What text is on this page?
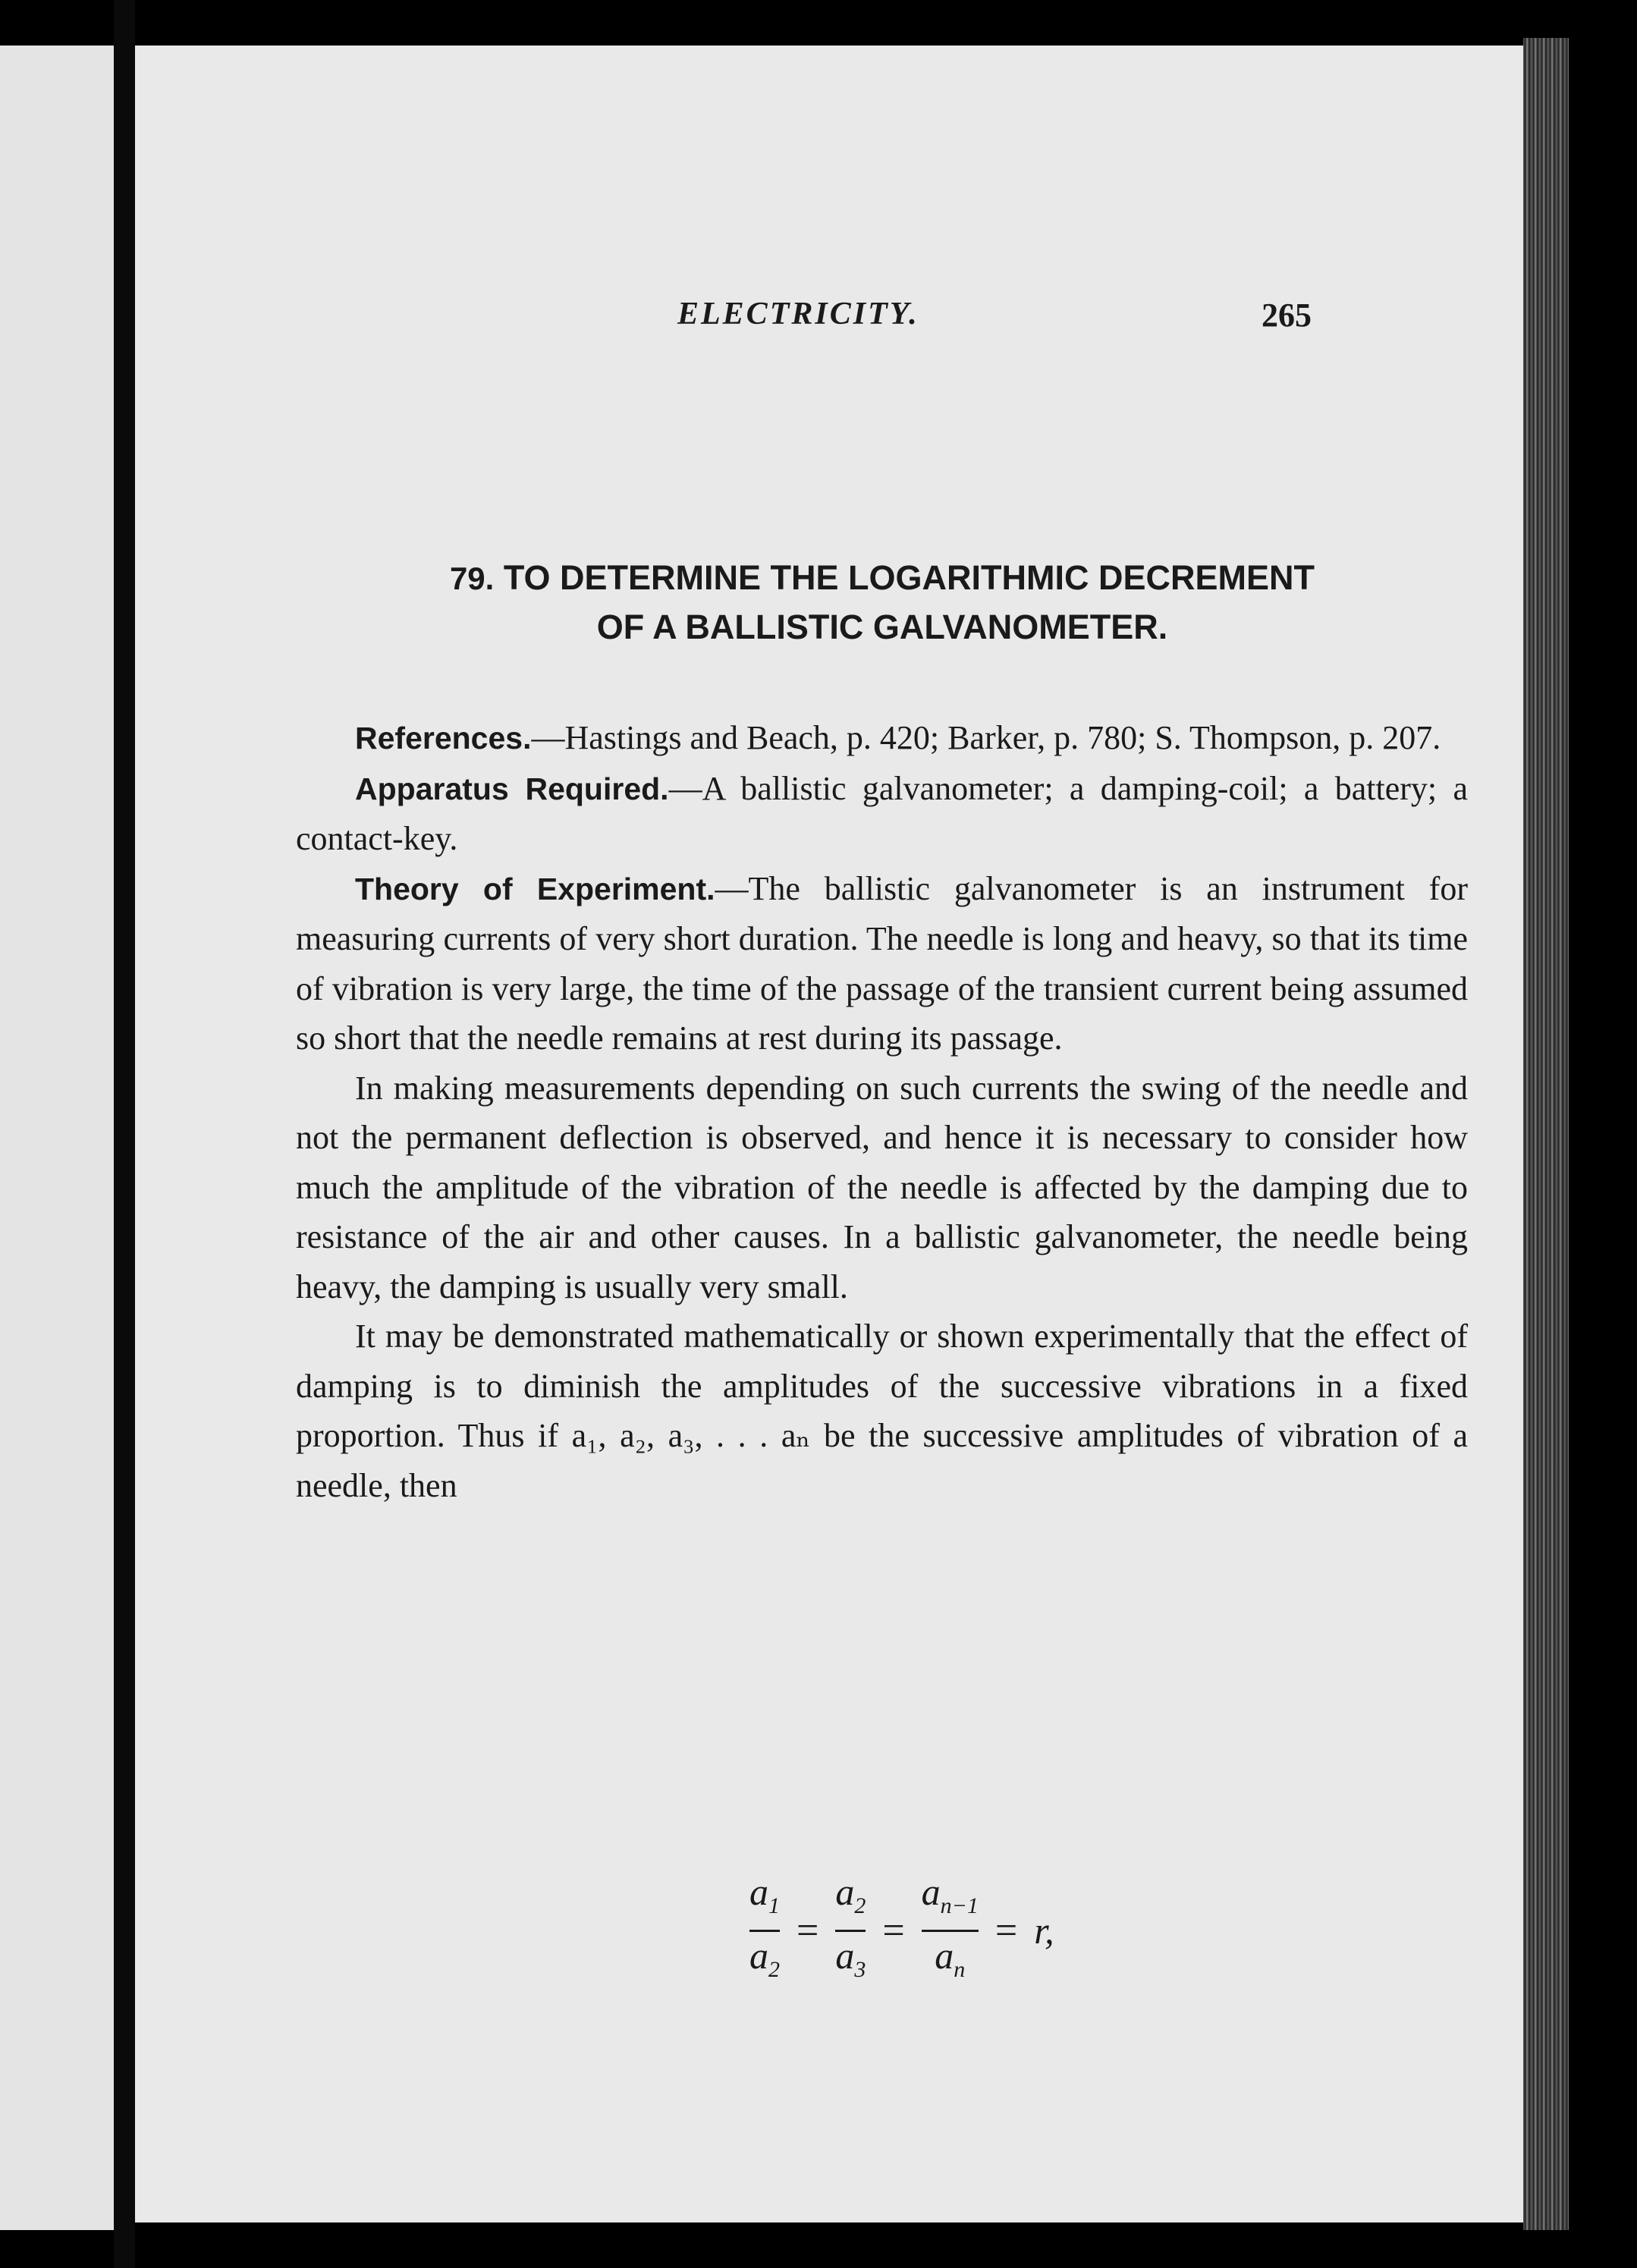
ELECTRICITY.	265
79. TO DETERMINE THE LOGARITHMIC DECREMENT
OF A BALLISTIC GALVANOMETER.

References.—Hastings and Beach, p. 420; Barker, p. 780; S. Thompson, p. 207.

Apparatus Required.—A ballistic galvanometer; a damping-coil; a battery; a contact-key.

Theory of Experiment.—The ballistic galvanometer is an instrument for measuring currents of very short duration. The needle is long and heavy, so that its time of vibration is very large, the time of the passage of the transient current being assumed so short that the needle remains at rest during its passage.

In making measurements depending on such currents the swing of the needle and not the permanent deflection is observed, and hence it is necessary to consider how much the amplitude of the vibration of the needle is affected by the damping due to resistance of the air and other causes. In a ballistic galvanometer, the needle being heavy, the damping is usually very small.

It may be demonstrated mathematically or shown experimentally that the effect of damping is to diminish the amplitudes of the successive vibrations in a fixed proportion. Thus if a₁, a₂, a₃, . . . aₙ be the successive amplitudes of vibration of a needle, then

$\frac{a_1}{a_2} = \frac{a_2}{a_3} = \frac{a_{n-1}}{a_n} = r$,
